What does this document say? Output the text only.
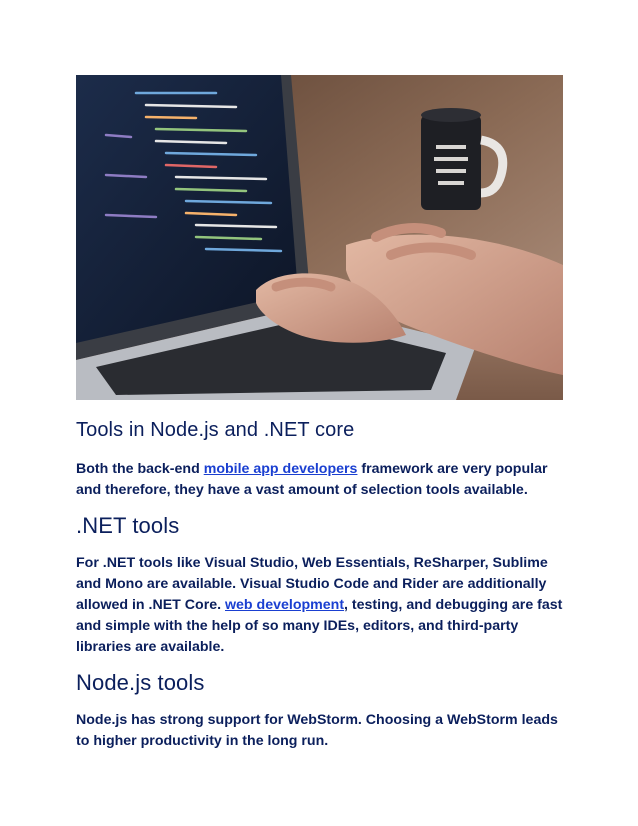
Tools in Node.js and .NET core

Both the back-end mobile app developers framework are very popular and therefore, they have a vast amount of selection tools available.

.NET tools

For .NET tools like Visual Studio, Web Essentials, ReSharper, Sublime and Mono are available. Visual Studio Code and Rider are additionally allowed in .NET Core. web development, testing, and debugging are fast and simple with the help of so many IDEs, editors, and third-party libraries are available.

Node.js tools

Node.js has strong support for WebStorm. Choosing a WebStorm leads to higher productivity in the long run.
